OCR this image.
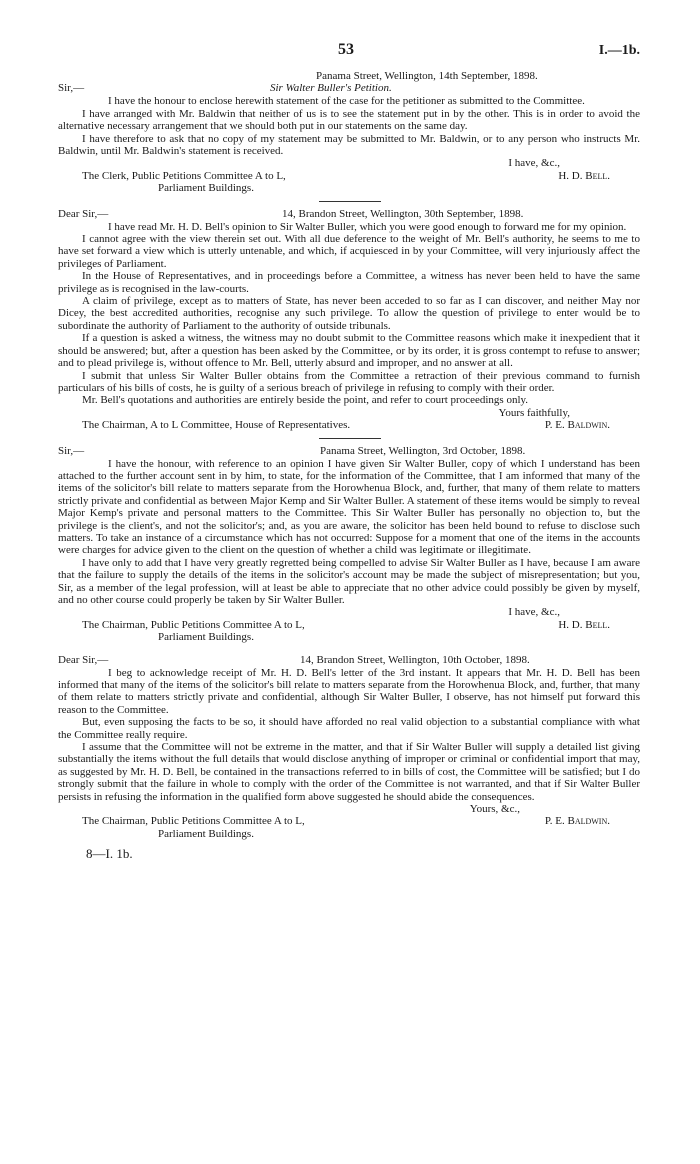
53	I.—1b.
Panama Street, Wellington, 14th September, 1898.
Sir,—	Sir Walter Buller's Petition.

I have the honour to enclose herewith statement of the case for the petitioner as submitted to the Committee.

I have arranged with Mr. Baldwin that neither of us is to see the statement put in by the other. This is in order to avoid the alternative necessary arrangement that we should both put in our statements on the same day.

I have therefore to ask that no copy of my statement may be submitted to Mr. Baldwin, or to any person who instructs Mr. Baldwin, until Mr. Baldwin's statement is received.

I have, &c.,
The Clerk, Public Petitions Committee A to L,	H. D. Bell.
Parliament Buildings.
Dear Sir,—	14, Brandon Street, Wellington, 30th September, 1898.

I have read Mr. H. D. Bell's opinion to Sir Walter Buller, which you were good enough to forward me for my opinion.

I cannot agree with the view therein set out. With all due deference to the weight of Mr. Bell's authority, he seems to me to have set forward a view which is utterly untenable, and which, if acquiesced in by your Committee, will very injuriously affect the privileges of Parliament.

In the House of Representatives, and in proceedings before a Committee, a witness has never been held to have the same privilege as is recognised in the law-courts.

A claim of privilege, except as to matters of State, has never been acceded to so far as I can discover, and neither May nor Dicey, the best accredited authorities, recognise any such privilege. To allow the question of privilege to enter would be to subordinate the authority of Parliament to the authority of outside tribunals.

If a question is asked a witness, the witness may no doubt submit to the Committee reasons which make it inexpedient that it should be answered; but, after a question has been asked by the Committee, or by its order, it is gross contempt to refuse to answer; and to plead privilege is, without offence to Mr. Bell, utterly absurd and improper, and no answer at all.

I submit that unless Sir Walter Buller obtains from the Committee a retraction of their previous command to furnish particulars of his bills of costs, he is guilty of a serious breach of privilege in refusing to comply with their order.

Mr. Bell's quotations and authorities are entirely beside the point, and refer to court proceedings only.

Yours faithfully,
The Chairman, A to L Committee, House of Representatives.	P. E. Baldwin.
Sir,—	Panama Street, Wellington, 3rd October, 1898.

I have the honour, with reference to an opinion I have given Sir Walter Buller, copy of which I understand has been attached to the further account sent in by him, to state, for the information of the Committee, that I am informed that many of the items of the solicitor's bill relate to matters separate from the Horowhenua Block, and, further, that many of them relate to matters strictly private and confidential as between Major Kemp and Sir Walter Buller. A statement of these items would be simply to reveal Major Kemp's private and personal matters to the Committee. This Sir Walter Buller has personally no objection to, but the privilege is the client's, and not the solicitor's; and, as you are aware, the solicitor has been held bound to refuse to disclose such matters. To take an instance of a circumstance which has not occurred: Suppose for a moment that one of the items in the accounts were charges for advice given to the client on the question of whether a child was legitimate or illegitimate.

I have only to add that I have very greatly regretted being compelled to advise Sir Walter Buller as I have, because I am aware that the failure to supply the details of the items in the solicitor's account may be made the subject of misrepresentation; but you, Sir, as a member of the legal profession, will at least be able to appreciate that no other advice could possibly be given by myself, and no other course could properly be taken by Sir Walter Buller.

I have, &c.,
The Chairman, Public Petitions Committee A to L,	H. D. Bell.
Parliament Buildings.
Dear Sir,—	14, Brandon Street, Wellington, 10th October, 1898.

I beg to acknowledge receipt of Mr. H. D. Bell's letter of the 3rd instant. It appears that Mr. H. D. Bell has been informed that many of the items of the solicitor's bill relate to matters separate from the Horowhenua Block, and, further, that many of them relate to matters strictly private and confidential, although Sir Walter Buller, I observe, has not himself put forward this reason to the Committee.

But, even supposing the facts to be so, it should have afforded no real valid objection to a substantial compliance with what the Committee really require.

I assume that the Committee will not be extreme in the matter, and that if Sir Walter Buller will supply a detailed list giving substantially the items without the full details that would disclose anything of improper or criminal or confidential import that may, as suggested by Mr. H. D. Bell, be contained in the transactions referred to in bills of cost, the Committee will be satisfied; but I do strongly submit that the failure in whole to comply with the order of the Committee is not warranted, and that if Sir Walter Buller persists in refusing the information in the qualified form above suggested he should abide the consequences.

Yours, &c.,
The Chairman, Public Petitions Committee A to L,	P. E. Baldwin.
Parliament Buildings.
8—I. 1b.
